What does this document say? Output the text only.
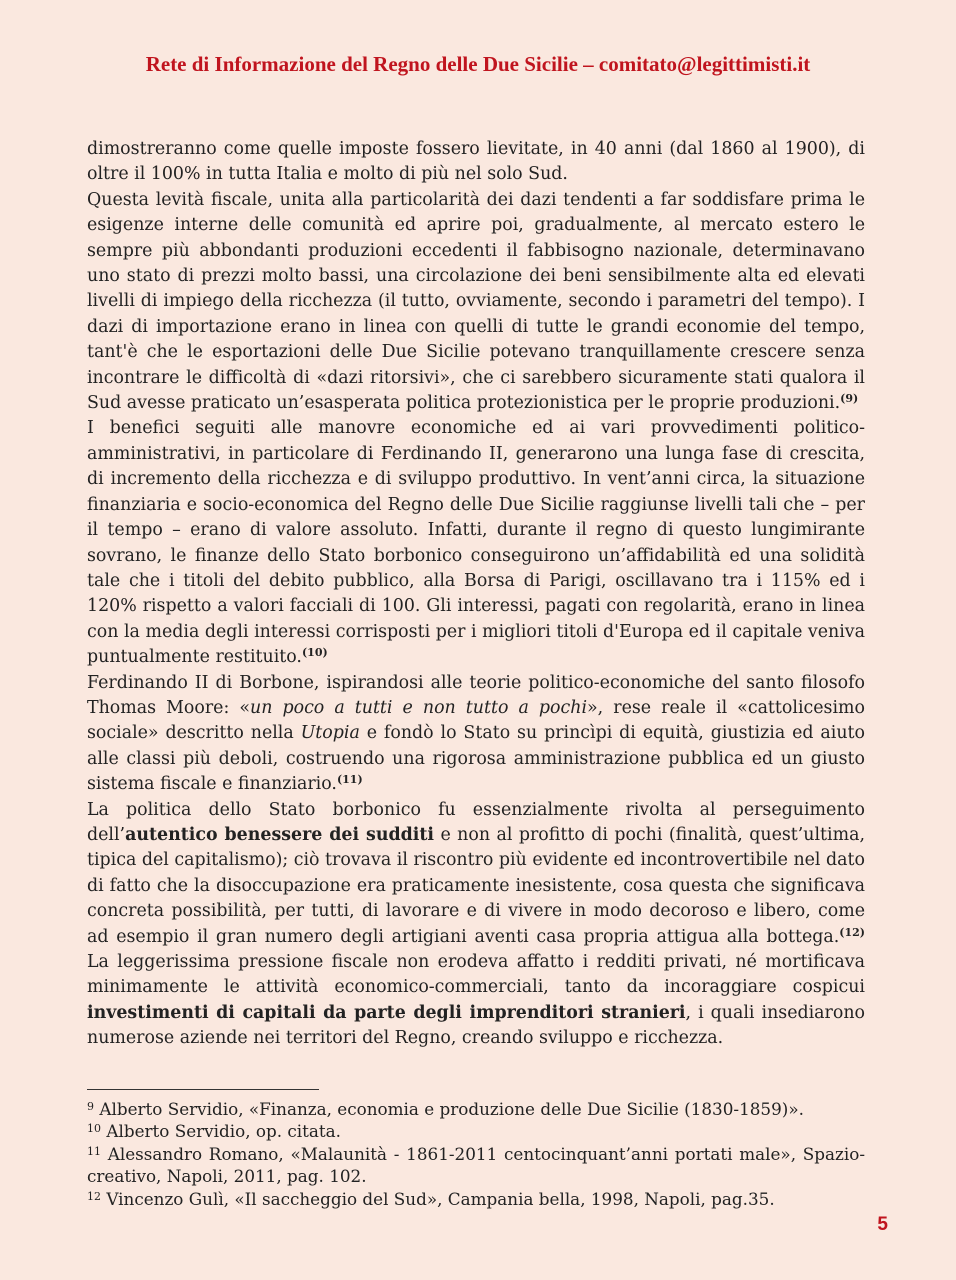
Rete di Informazione del Regno delle Due Sicilie – comitato@legittimisti.it

dimostreranno come quelle imposte fossero lievitate, in 40 anni (dal 1860 al 1900), di oltre il 100% in tutta Italia e molto di più nel solo Sud.

Questa levità fiscale, unita alla particolarità dei dazi tendenti a far soddisfare prima le esigenze interne delle comunità ed aprire poi, gradualmente, al mercato estero le sempre più abbondanti produzioni eccedenti il fabbisogno nazionale, determinavano uno stato di prezzi molto bassi, una circolazione dei beni sensibilmente alta ed elevati livelli di impiego della ricchezza (il tutto, ovviamente, secondo i parametri del tempo). I dazi di importazione erano in linea con quelli di tutte le grandi economie del tempo, tant'è che le esportazioni delle Due Sicilie potevano tranquillamente crescere senza incontrare le difficoltà di «dazi ritorsivi», che ci sarebbero sicuramente stati qualora il Sud avesse praticato un’esasperata politica protezionistica per le proprie produzioni.$^{(9)}$

I benefici seguiti alle manovre economiche ed ai vari provvedimenti politico-amministrativi, in particolare di Ferdinando II, generarono una lunga fase di crescita, di incremento della ricchezza e di sviluppo produttivo. In vent’anni circa, la situazione finanziaria e socio-economica del Regno delle Due Sicilie raggiunse livelli tali che – per il tempo – erano di valore assoluto. Infatti, durante il regno di questo lungimirante sovrano, le finanze dello Stato borbonico conseguirono un’affidabilità ed una solidità tale che i titoli del debito pubblico, alla Borsa di Parigi, oscillavano tra i 115% ed i 120% rispetto a valori facciali di 100. Gli interessi, pagati con regolarità, erano in linea con la media degli interessi corrisposti per i migliori titoli d'Europa ed il capitale veniva puntualmente restituito.$^{(10)}$

Ferdinando II di Borbone, ispirandosi alle teorie politico-economiche del santo filosofo Thomas Moore: «un poco a tutti e non tutto a pochi», rese reale il «cattolicesimo sociale» descritto nella Utopia e fondò lo Stato su princìpi di equità, giustizia ed aiuto alle classi più deboli, costruendo una rigorosa amministrazione pubblica ed un giusto sistema fiscale e finanziario.$^{(11)}$

La politica dello Stato borbonico fu essenzialmente rivolta al perseguimento dell’autentico benessere dei sudditi e non al profitto di pochi (finalità, quest’ultima, tipica del capitalismo); ciò trovava il riscontro più evidente ed incontrovertibile nel dato di fatto che la disoccupazione era praticamente inesistente, cosa questa che significava concreta possibilità, per tutti, di lavorare e di vivere in modo decoroso e libero, come ad esempio il gran numero degli artigiani aventi casa propria attigua alla bottega.$^{(12)}$ La leggerissima pressione fiscale non erodeva affatto i redditi privati, né mortificava minimamente le attività economico-commerciali, tanto da incoraggiare cospicui investimenti di capitali da parte degli imprenditori stranieri, i quali insediarono numerose aziende nei territori del Regno, creando sviluppo e ricchezza.

$^9$ Alberto Servidio, «Finanza, economia e produzione delle Due Sicilie (1830-1859)».

$^{10}$ Alberto Servidio, op. citata.

$^{11}$ Alessandro Romano, «Malaunità - 1861-2011 centocinquant’anni portati male», Spazio-creativo, Napoli, 2011, pag. 102.

$^{12}$ Vincenzo Gulì, «Il saccheggio del Sud», Campania bella, 1998, Napoli, pag.35.

5
